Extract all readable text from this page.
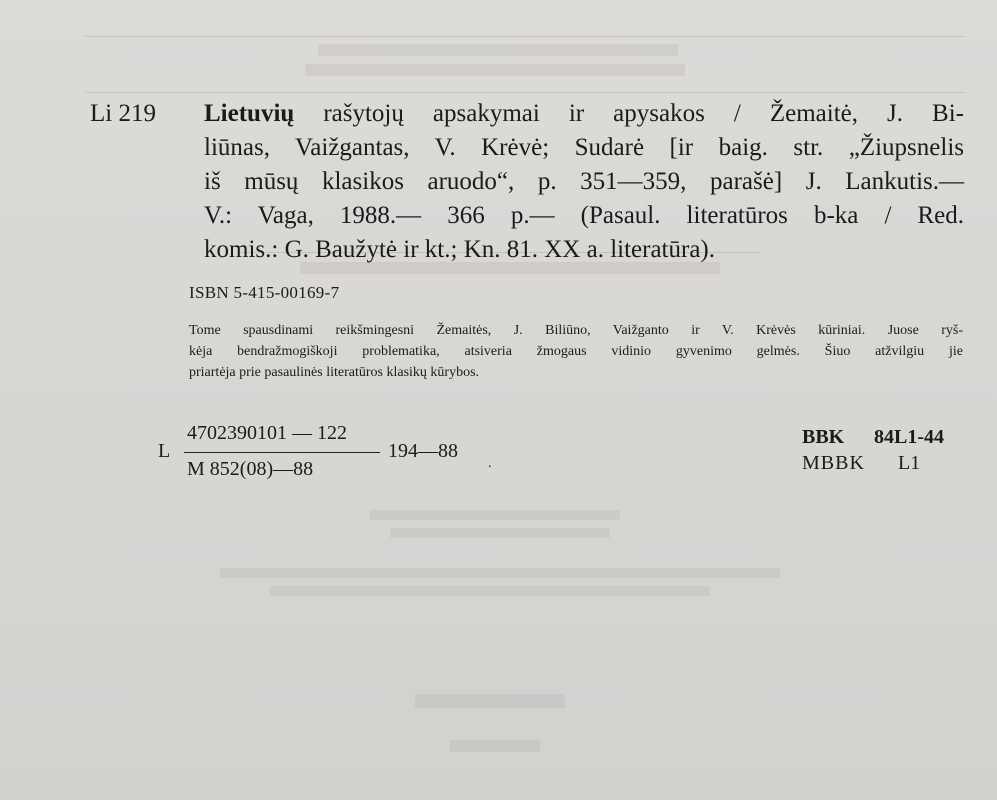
Li 219	Lietuvių rašytojų apsakymai ir apysakos / Žemaitė, J. Bi-
liūnas, Vaižgantas, V. Krėvė; Sudarė [ir baig. str. „Žiupsnelis
iš mūsų klasikos aruodo“, p. 351—359, parašė] J. Lankutis.—
V.: Vaga, 1988.— 366 p.— (Pasaul. literatūros b-ka / Red.
komis.: G. Baužytė ir kt.; Kn. 81. XX a. literatūra).
ISBN 5-415-00169-7
Tome spausdinami reikšmingesni Žemaitės, J. Biliūno, Vaižganto ir V. Krėvės kūriniai. Juose ryš-
kėja bendražmogiškoji problematika, atsiveria žmogaus vidinio gyvenimo gelmės. Šiuo atžvilgiu jie
priartėja prie pasaulinės literatūros klasikų kūrybos.
L
4702390101 — 122
M 852(08)—88
194—88
.
BBK 84L1-44
MBBK L1
